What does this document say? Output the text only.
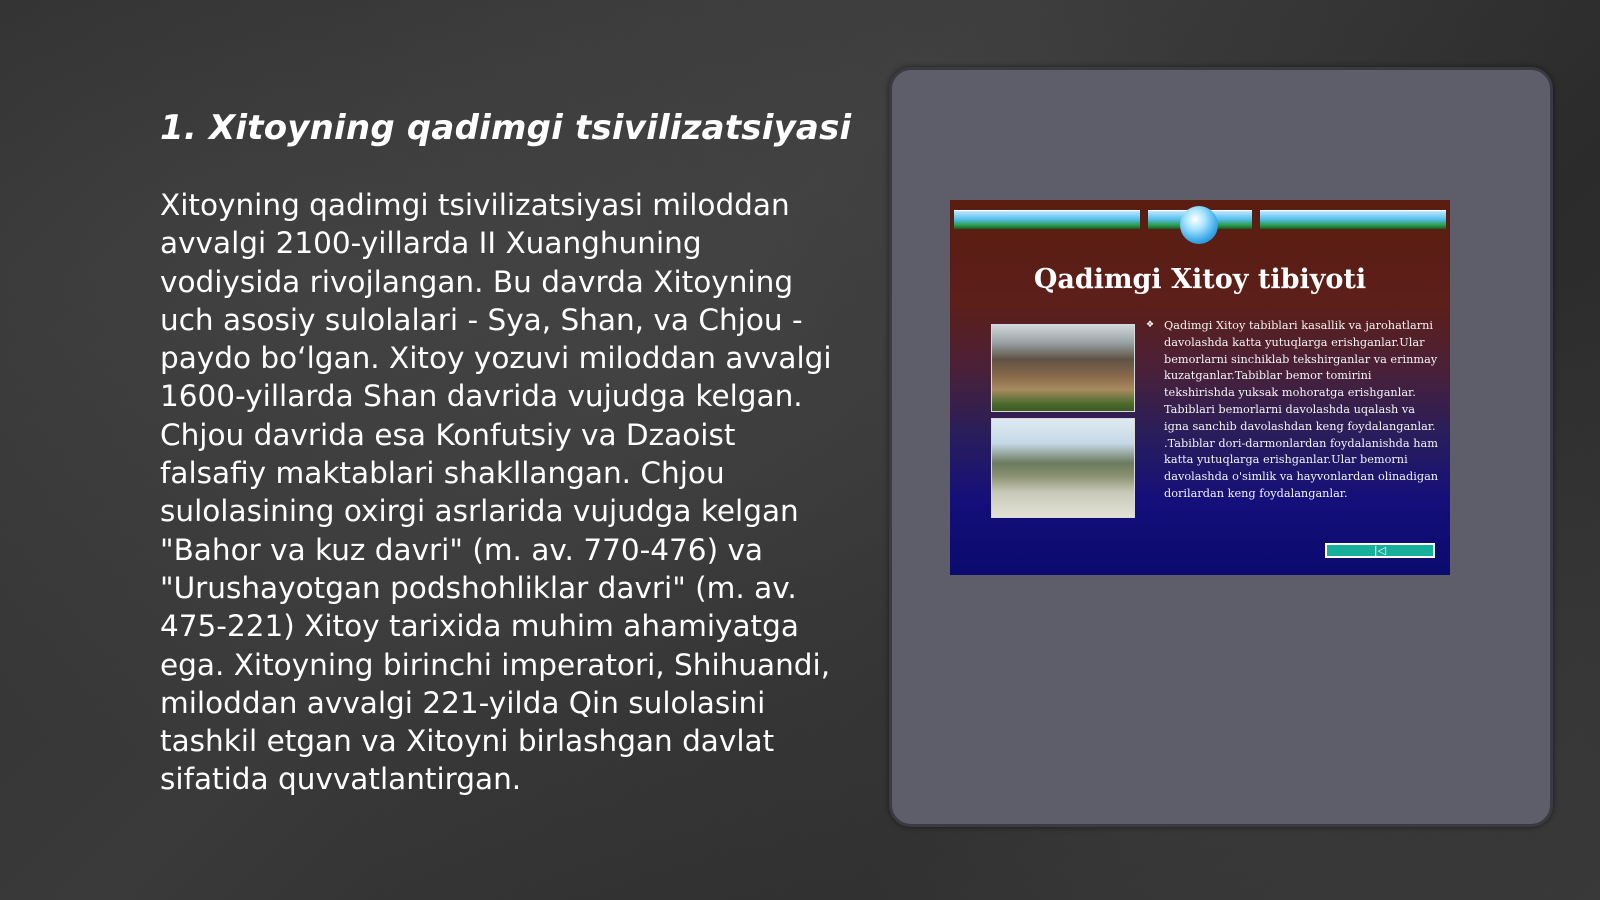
1. Xitoyning qadimgi tsivilizatsiyasi

Xitoyning qadimgi tsivilizatsiyasi miloddan avvalgi 2100-yillarda II Xuanghuning vodiysida rivojlangan. Bu davrda Xitoyning uch asosiy sulolalari - Sya, Shan, va Chjou - paydo boʻlgan. Xitoy yozuvi miloddan avvalgi 1600-yillarda Shan davrida vujudga kelgan. Chjou davrida esa Konfutsiy va Dzaoist falsafiy maktablari shakllangan. Chjou sulolasining oxirgi asrlarida vujudga kelgan "Bahor va kuz davri" (m. av. 770-476) va "Urushayotgan podshohliklar davri" (m. av. 475-221) Xitoy tarixida muhim ahamiyatga ega. Xitoyning birinchi imperatori, Shihuandi, miloddan avvalgi 221-yilda Qin sulolasini tashkil etgan va Xitoyni birlashgan davlat sifatida quvvatlantirgan.

Qadimgi Xitoy tibiyoti
❖ Qadimgi Xitoy tabiblari kasallik va jarohatlarni davolashda katta yutuqlarga erishganlar.Ular bemorlarni sinchiklab tekshirganlar va erinmay kuzatganlar.Tabiblar bemor tomirini tekshirishda yuksak mohoratga erishganlar. Tabiblari bemorlarni davolashda uqalash va igna sanchib davolashdan keng foydalanganlar. .Tabiblar dori-darmonlardan foydalanishda ham katta yutuqlarga erishganlar.Ular bemorni davolashda o'simlik va hayvonlardan olinadigan dorilardan keng foydalanganlar.

|◁
